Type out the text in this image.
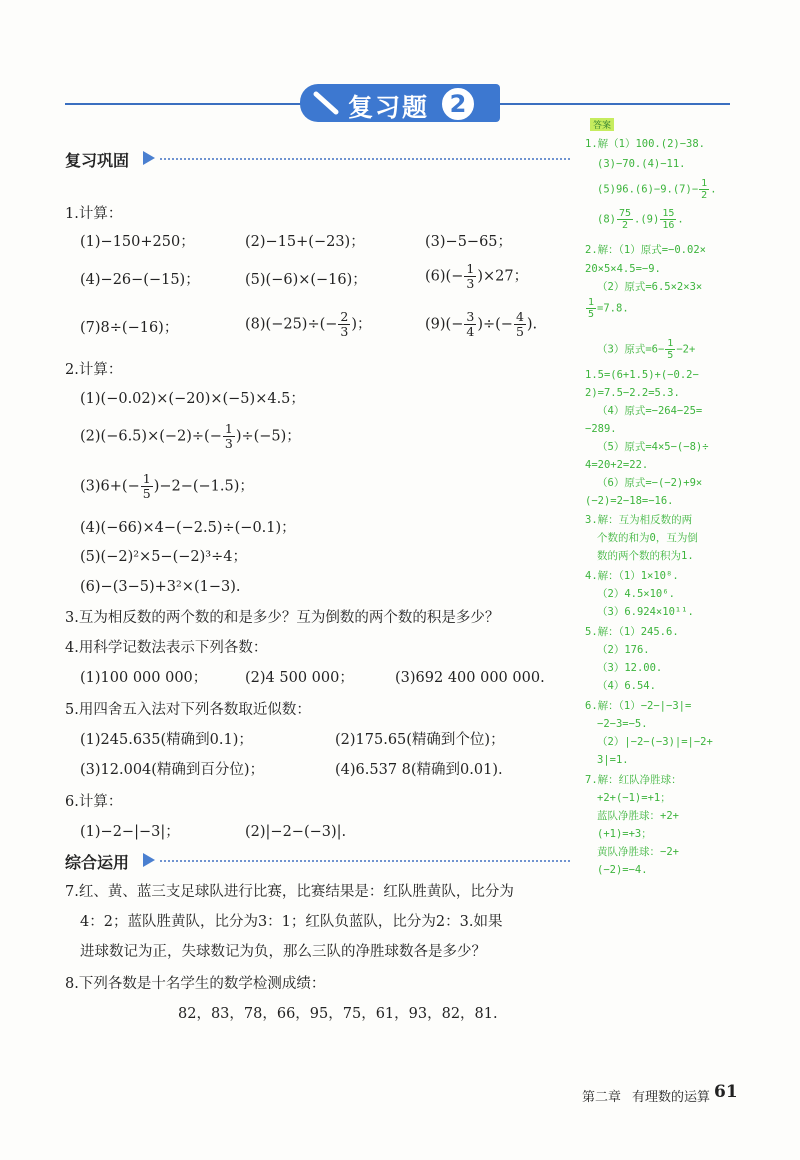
复习题 2
复习巩固
1.计算：
(1)−150+250；	(2)−15+(−23)；	(3)−5−65；
(4)−26−(−15)；	(5)(−6)×(−16)；	$(6)(- \frac{1}{3} )\times 27$；
(7)8÷(−16)；	$(8)(-25)\div(- \frac{2}{3}$ )；	$(9)(- \frac{3}{4}$ )÷(− $\frac{4}{5}$ ).
2.计算：
(1)(−0.02)×(−20)×(−5)×4.5；
$(2)(-6.5)\times(-2)\div(- \frac{1}{3} )\div(-5)$；
$(3)6+(- \frac{1}{5} )-2-(-1.5)$；
(4)(−66)×4−(−2.5)÷(−0.1)；
(5)(−2)²×5−(−2)³÷4；
(6)−(3−5)+3²×(1−3).
3.互为相反数的两个数的和是多少？互为倒数的两个数的积是多少？
4.用科学记数法表示下列各数：
(1)100 000 000；	(2)4 500 000；	(3)692 400 000 000.
5.用四舍五入法对下列各数取近似数：
(1)245.635(精确到0.1)；	(2)175.65(精确到个位)；
(3)12.004(精确到百分位)；	(4)6.537 8(精确到0.01).
6.计算：
(1)−2−|−3|；	(2)|−2−(−3)|.
综合运用
7.红、黄、蓝三支足球队进行比赛，比赛结果是：红队胜黄队，比分为
4：2；蓝队胜黄队，比分为3：1；红队负蓝队，比分为2：3.如果
进球数记为正，失球数记为负，那么三队的净胜球数各是多少？
8.下列各数是十名学生的数学检测成绩：
82，83，78，66，95，75，61，93，82，81.
答案
1.解（1）100.(2)−38.
(3)−70.(4)−11.
$(5)96.(6)-9.(7)- \frac{1}{2}$ .
$(8) \frac{75}{2} .(9) \frac{15}{16}$ .
2.解：（1）原式=−0.02×
20×5×4.5=−9.
（2）原式=6.5×2×3×
$\frac{1}{5} =7.8$.
（3）原式$=6- \frac{1}{5} -2+$
1.5=(6+1.5)+(−0.2−
2)=7.5−2.2=5.3.
（4）原式=−264−25=
−289.
（5）原式=4×5−(−8)÷
4=20+2=22.
（6）原式=−(−2)+9×
(−2)=2−18=−16.
3.解：互为相反数的两
个数的和为0，互为倒
数的两个数的积为1.
4.解：（1）1×10⁸.
（2）4.5×10⁶.
（3）6.924×10¹¹.
5.解：（1）245.6.
（2）176.
（3）12.00.
（4）6.54.
6.解：（1）−2−|−3|=
−2−3=−5.
（2）|−2−(−3)|=|−2+
3|=1.
7.解：红队净胜球：
+2+(−1)=+1；
蓝队净胜球：+2+
(+1)=+3；
黄队净胜球：−2+
(−2)=−4.
第二章 有理数的运算 61
